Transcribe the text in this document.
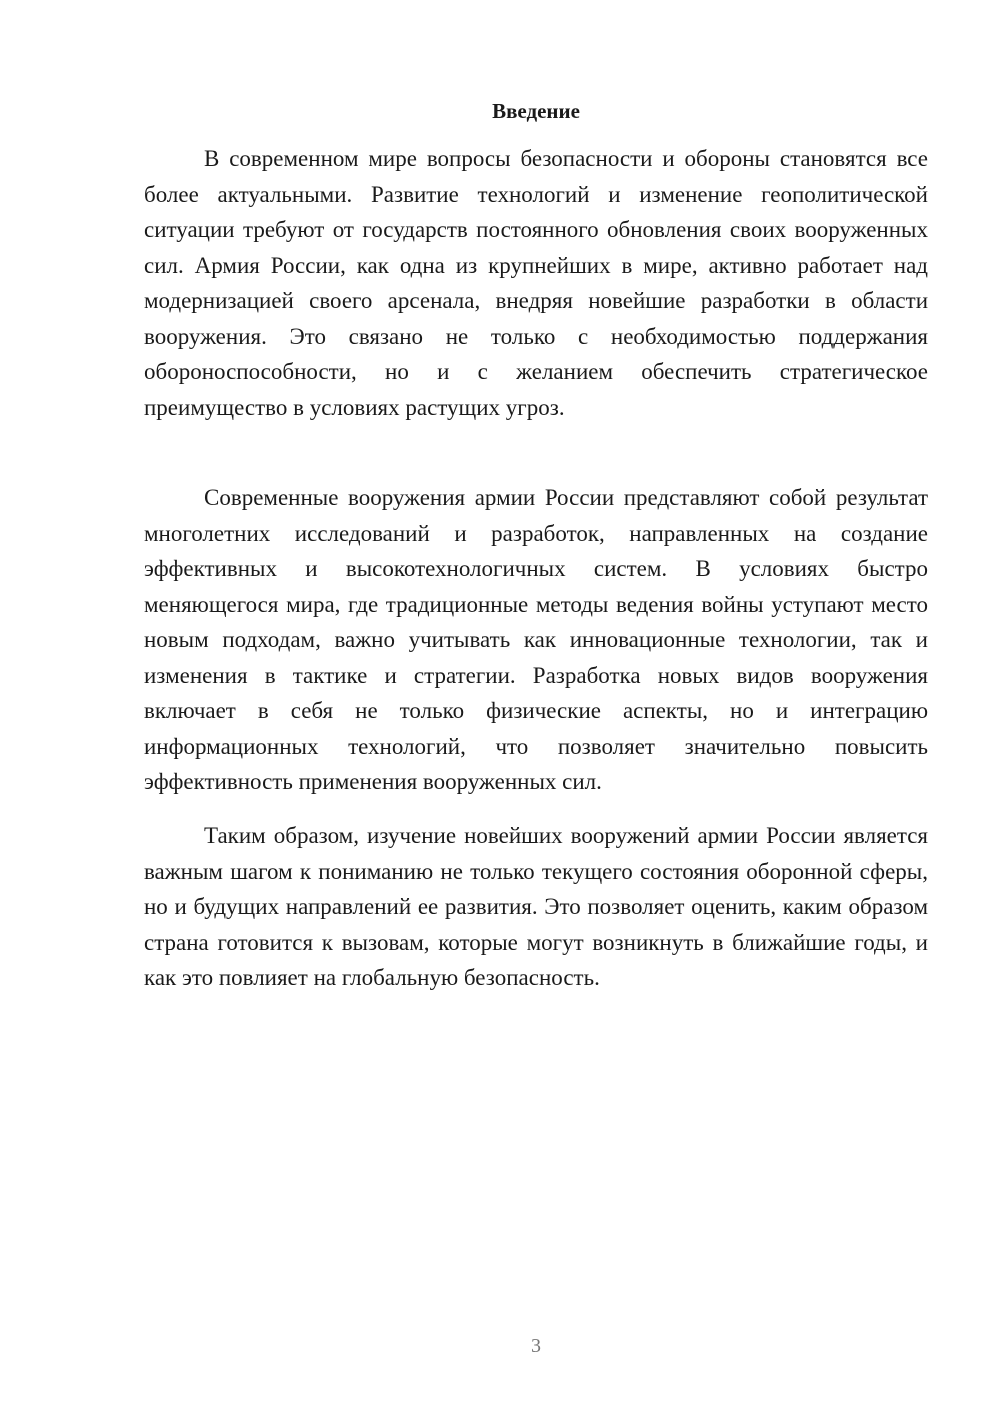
Введение

В современном мире вопросы безопасности и обороны становятся все более актуальными. Развитие технологий и изменение геополитической ситуации требуют от государств постоянного обновления своих вооруженных сил. Армия России, как одна из крупнейших в мире, активно работает над модернизацией своего арсенала, внедряя новейшие разработки в области вооружения. Это связано не только с необходимостью поддержания обороноспособности, но и с желанием обеспечить стратегическое преимущество в условиях растущих угроз.

Современные вооружения армии России представляют собой результат многолетних исследований и разработок, направленных на создание эффективных и высокотехнологичных систем. В условиях быстро меняющегося мира, где традиционные методы ведения войны уступают место новым подходам, важно учитывать как инновационные технологии, так и изменения в тактике и стратегии. Разработка новых видов вооружения включает в себя не только физические аспекты, но и интеграцию информационных технологий, что позволяет значительно повысить эффективность применения вооруженных сил.

Таким образом, изучение новейших вооружений армии России является важным шагом к пониманию не только текущего состояния оборонной сферы, но и будущих направлений ее развития. Это позволяет оценить, каким образом страна готовится к вызовам, которые могут возникнуть в ближайшие годы, и как это повлияет на глобальную безопасность.

3
